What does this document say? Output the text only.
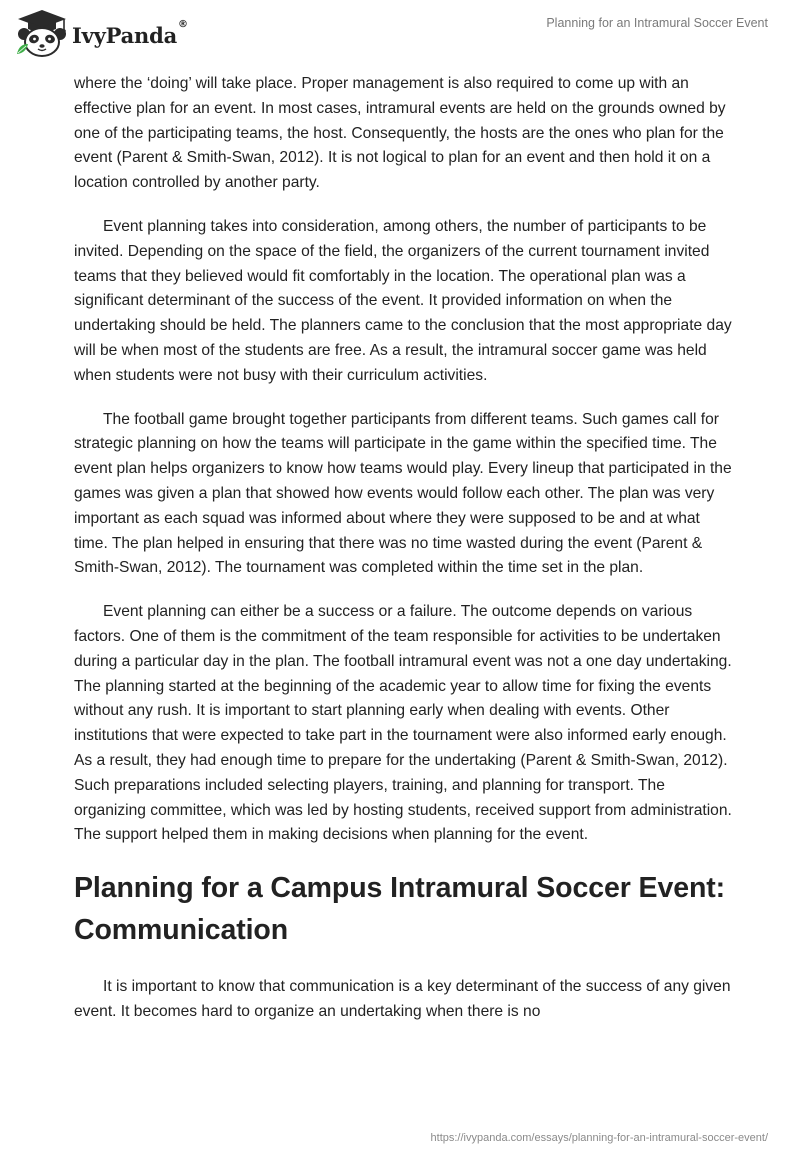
IvyPanda®	Planning for an Intramural Soccer Event

where the ‘doing’ will take place. Proper management is also required to come up with an effective plan for an event. In most cases, intramural events are held on the grounds owned by one of the participating teams, the host. Consequently, the hosts are the ones who plan for the event (Parent & Smith-Swan, 2012). It is not logical to plan for an event and then hold it on a location controlled by another party.

Event planning takes into consideration, among others, the number of participants to be invited. Depending on the space of the field, the organizers of the current tournament invited teams that they believed would fit comfortably in the location. The operational plan was a significant determinant of the success of the event. It provided information on when the undertaking should be held. The planners came to the conclusion that the most appropriate day will be when most of the students are free. As a result, the intramural soccer game was held when students were not busy with their curriculum activities.

The football game brought together participants from different teams. Such games call for strategic planning on how the teams will participate in the game within the specified time. The event plan helps organizers to know how teams would play. Every lineup that participated in the games was given a plan that showed how events would follow each other. The plan was very important as each squad was informed about where they were supposed to be and at what time. The plan helped in ensuring that there was no time wasted during the event (Parent & Smith-Swan, 2012). The tournament was completed within the time set in the plan.

Event planning can either be a success or a failure. The outcome depends on various factors. One of them is the commitment of the team responsible for activities to be undertaken during a particular day in the plan. The football intramural event was not a one day undertaking. The planning started at the beginning of the academic year to allow time for fixing the events without any rush. It is important to start planning early when dealing with events. Other institutions that were expected to take part in the tournament were also informed early enough. As a result, they had enough time to prepare for the undertaking (Parent & Smith-Swan, 2012). Such preparations included selecting players, training, and planning for transport. The organizing committee, which was led by hosting students, received support from administration. The support helped them in making decisions when planning for the event.

Planning for a Campus Intramural Soccer Event: Communication

It is important to know that communication is a key determinant of the success of any given event. It becomes hard to organize an undertaking when there is no

https://ivypanda.com/essays/planning-for-an-intramural-soccer-event/
